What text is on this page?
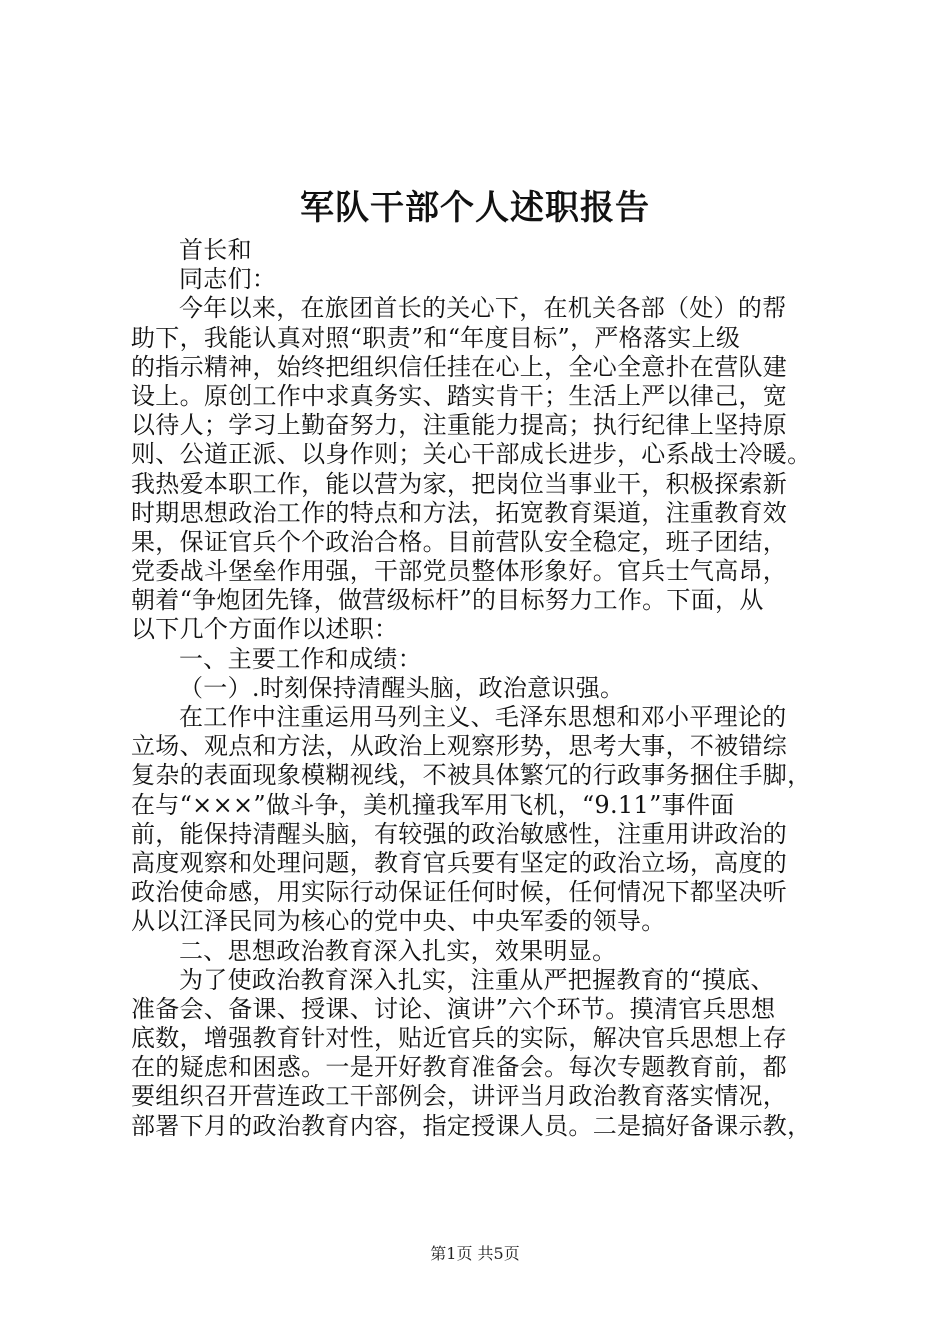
军队干部个人述职报告
首长和
同志们：
今年以来，在旅团首长的关心下，在机关各部（处）的帮
助下，我能认真对照“职责”和“年度目标”，严格落实上级
的指示精神，始终把组织信任挂在心上，全心全意扑在营队建
设上。原创工作中求真务实、踏实肯干；生活上严以律己，宽
以待人；学习上勤奋努力，注重能力提高；执行纪律上坚持原
则、公道正派、以身作则；关心干部成长进步，心系战士冷暖。
我热爱本职工作，能以营为家，把岗位当事业干，积极探索新
时期思想政治工作的特点和方法，拓宽教育渠道，注重教育效
果，保证官兵个个政治合格。目前营队安全稳定，班子团结，
党委战斗堡垒作用强，干部党员整体形象好。官兵士气高昂，
朝着“争炮团先锋，做营级标杆”的目标努力工作。下面，从
以下几个方面作以述职：
一、主要工作和成绩：
（一）.时刻保持清醒头脑，政治意识强。
在工作中注重运用马列主义、毛泽东思想和邓小平理论的
立场、观点和方法，从政治上观察形势，思考大事，不被错综
复杂的表面现象模糊视线，不被具体繁冗的行政事务捆住手脚，
在与“×××”做斗争，美机撞我军用飞机，“9.11”事件面
前，能保持清醒头脑，有较强的政治敏感性，注重用讲政治的
高度观察和处理问题，教育官兵要有坚定的政治立场，高度的
政治使命感，用实际行动保证任何时候，任何情况下都坚决听
从以江泽民同为核心的党中央、中央军委的领导。
二、思想政治教育深入扎实，效果明显。
为了使政治教育深入扎实，注重从严把握教育的“摸底、
准备会、备课、授课、讨论、演讲”六个环节。摸清官兵思想
底数，增强教育针对性，贴近官兵的实际，解决官兵思想上存
在的疑虑和困惑。一是开好教育准备会。每次专题教育前，都
要组织召开营连政工干部例会，讲评当月政治教育落实情况，
部署下月的政治教育内容，指定授课人员。二是搞好备课示教，
第1页 共5页
